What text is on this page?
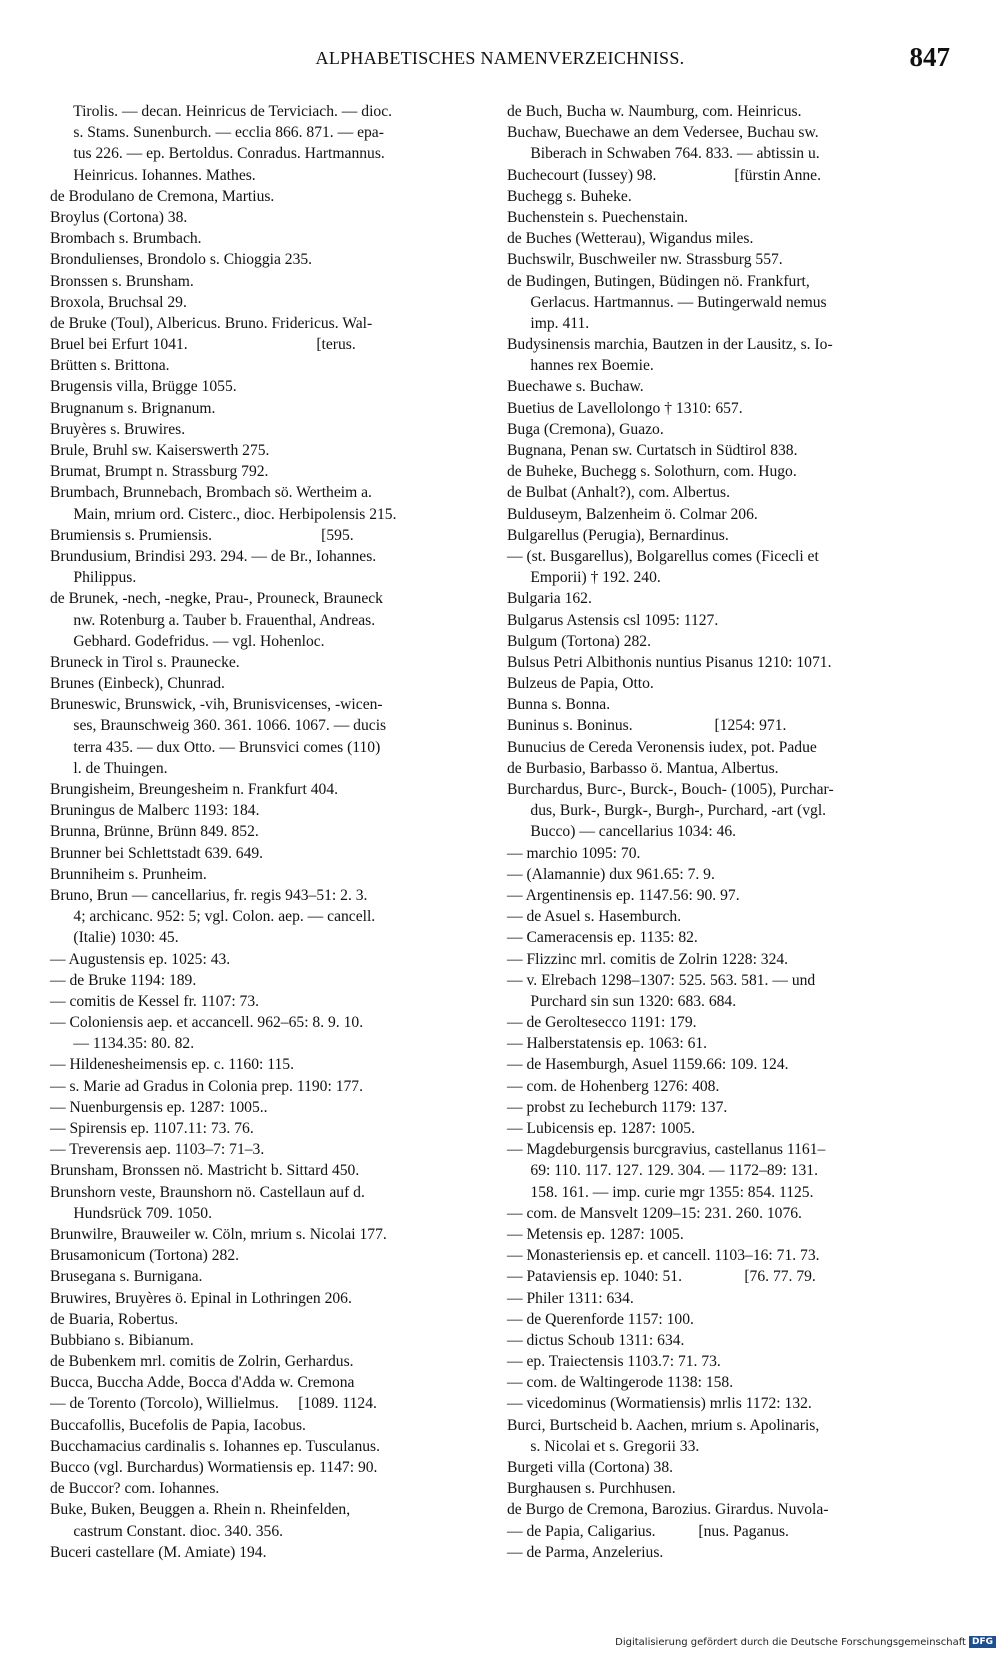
ALPHABETISCHES NAMENVERZEICHNISS.	847
Tirolis. — decan. Heinricus de Terviciach. — dioc.
s. Stams. Sunenburch. — ecclia 866. 871. — epa-
tus 226. — ep. Bertoldus. Conradus. Hartmannus.
Heinricus. Iohannes. Mathes.
de Brodulano de Cremona, Martius.
Broylus (Cortona) 38.
Brombach s. Brumbach.
Brondulienses, Brondolo s. Chioggia 235.
Bronssen s. Brunsham.
Broxola, Bruchsal 29.
de Bruke (Toul), Albericus. Bruno. Fridericus. Wal-
Bruel bei Erfurt 1041.                                 [terus.
Brütten s. Brittona.
Brugensis villa, Brügge 1055.
Brugnanum s. Brignanum.
Bruyères s. Bruwires.
Brule, Bruhl sw. Kaiserswerth 275.
Brumat, Brumpt n. Strassburg 792.
Brumbach, Brunnebach, Brombach sö. Wertheim a.
Main, mrium ord. Cisterc., dioc. Herbipolensis 215.
Brumiensis s. Prumiensis.                            [595.
Brundusium, Brindisi 293. 294. — de Br., Iohannes.
Philippus.
de Brunek, -nech, -negke, Prau-, Prouneck, Brauneck
nw. Rotenburg a. Tauber b. Frauenthal, Andreas.
Gebhard. Godefridus. — vgl. Hohenloc.
Bruneck in Tirol s. Praunecke.
Brunes (Einbeck), Chunrad.
Bruneswic, Brunswick, -vih, Brunisvicenses, -wicen-
ses, Braunschweig 360. 361. 1066. 1067. — ducis
terra 435. — dux Otto. — Brunsvici comes (110)
l. de Thuingen.
Brungisheim, Breungesheim n. Frankfurt 404.
Bruningus de Malberc 1193: 184.
Brunna, Brünne, Brünn 849. 852.
Brunner bei Schlettstadt 639. 649.
Brunniheim s. Prunheim.
Bruno, Brun — cancellarius, fr. regis 943–51: 2. 3.
4; archicanc. 952: 5; vgl. Colon. aep. — cancell.
(Italie) 1030: 45.
— Augustensis ep. 1025: 43.
— de Bruke 1194: 189.
— comitis de Kessel fr. 1107: 73.
— Coloniensis aep. et accancell. 962–65: 8. 9. 10.
— 1134.35: 80. 82.
— Hildenesheimensis ep. c. 1160: 115.
— s. Marie ad Gradus in Colonia prep. 1190: 177.
— Nuenburgensis ep. 1287: 1005..
— Spirensis ep. 1107.11: 73. 76.
— Treverensis aep. 1103–7: 71–3.
Brunsham, Bronssen nö. Mastricht b. Sittard 450.
Brunshorn veste, Braunshorn nö. Castellaun auf d.
Hundsrück 709. 1050.
Brunwilre, Brauweiler w. Cöln, mrium s. Nicolai 177.
Brusamonicum (Tortona) 282.
Brusegana s. Burnigana.
Bruwires, Bruyères ö. Epinal in Lothringen 206.
de Buaria, Robertus.
Bubbiano s. Bibianum.
de Bubenkem mrl. comitis de Zolrin, Gerhardus.
Bucca, Buccha Adde, Bocca d'Adda w. Cremona
— de Torento (Torcolo), Willielmus.     [1089. 1124.
Buccafollis, Bucefolis de Papia, Iacobus.
Bucchamacius cardinalis s. Iohannes ep. Tusculanus.
Bucco (vgl. Burchardus) Wormatiensis ep. 1147: 90.
de Buccor? com. Iohannes.
Buke, Buken, Beuggen a. Rhein n. Rheinfelden,
castrum Constant. dioc. 340. 356.
Buceri castellare (M. Amiate) 194.
de Buch, Bucha w. Naumburg, com. Heinricus.
Buchaw, Buechawe an dem Vedersee, Buchau sw.
Biberach in Schwaben 764. 833. — abtissin u.
Buchecourt (Iussey) 98.                    [fürstin Anne.
Buchegg s. Buheke.
Buchenstein s. Puechenstain.
de Buches (Wetterau), Wigandus miles.
Buchswilr, Buschweiler nw. Strassburg 557.
de Budingen, Butingen, Büdingen nö. Frankfurt,
Gerlacus. Hartmannus. — Butingerwald nemus
imp. 411.
Budysinensis marchia, Bautzen in der Lausitz, s. Io-
hannes rex Boemie.
Buechawe s. Buchaw.
Buetius de Lavellolongo † 1310: 657.
Buga (Cremona), Guazo.
Bugnana, Penan sw. Curtatsch in Südtirol 838.
de Buheke, Buchegg s. Solothurn, com. Hugo.
de Bulbat (Anhalt?), com. Albertus.
Bulduseym, Balzenheim ö. Colmar 206.
Bulgarellus (Perugia), Bernardinus.
— (st. Busgarellus), Bolgarellus comes (Ficecli et
Emporii) † 192. 240.
Bulgaria 162.
Bulgarus Astensis csl 1095: 1127.
Bulgum (Tortona) 282.
Bulsus Petri Albithonis nuntius Pisanus 1210: 1071.
Bulzeus de Papia, Otto.
Bunna s. Bonna.
Buninus s. Boninus.                     [1254: 971.
Bunucius de Cereda Veronensis iudex, pot. Padue
de Burbasio, Barbasso ö. Mantua, Albertus.
Burchardus, Burc-, Burck-, Bouch- (1005), Purchar-
dus, Burk-, Burgk-, Burgh-, Purchard, -art (vgl.
Bucco) — cancellarius 1034: 46.
— marchio 1095: 70.
— (Alamannie) dux 961.65: 7. 9.
— Argentinensis ep. 1147.56: 90. 97.
— de Asuel s. Hasemburch.
— Cameracensis ep. 1135: 82.
— Flizzinc mrl. comitis de Zolrin 1228: 324.
— v. Elrebach 1298–1307: 525. 563. 581. — und
Purchard sin sun 1320: 683. 684.
— de Geroltesecco 1191: 179.
— Halberstatensis ep. 1063: 61.
— de Hasemburgh, Asuel 1159.66: 109. 124.
— com. de Hohenberg 1276: 408.
— probst zu Iecheburch 1179: 137.
— Lubicensis ep. 1287: 1005.
— Magdeburgensis burcgravius, castellanus 1161–
69: 110. 117. 127. 129. 304. — 1172–89: 131.
158. 161. — imp. curie mgr 1355: 854. 1125.
— com. de Mansvelt 1209–15: 231. 260. 1076.
— Metensis ep. 1287: 1005.
— Monasteriensis ep. et cancell. 1103–16: 71. 73.
— Pataviensis ep. 1040: 51.                [76. 77. 79.
— Philer 1311: 634.
— de Querenforde 1157: 100.
— dictus Schoub 1311: 634.
— ep. Traiectensis 1103.7: 71. 73.
— com. de Waltingerode 1138: 158.
— vicedominus (Wormatiensis) mrlis 1172: 132.
Burci, Burtscheid b. Aachen, mrium s. Apolinaris,
s. Nicolai et s. Gregorii 33.
Burgeti villa (Cortona) 38.
Burghausen s. Purchhusen.
de Burgo de Cremona, Barozius. Girardus. Nuvola-
— de Papia, Caligarius.           [nus. Paganus.
— de Parma, Anzelerius.
Digitalisierung gefördert durch die Deutsche Forschungsgemeinschaft DFG
